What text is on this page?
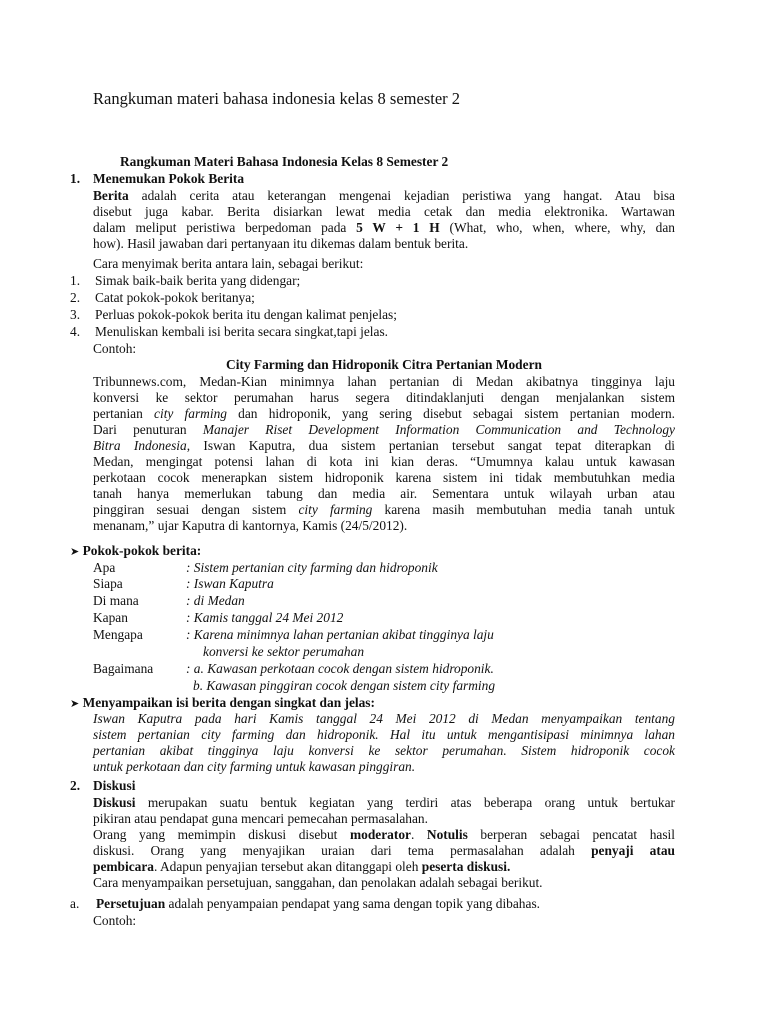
Rangkuman materi bahasa indonesia kelas 8 semester 2
Rangkuman Materi Bahasa Indonesia Kelas 8 Semester 2
1. Menemukan Pokok Berita
Berita adalah cerita atau keterangan mengenai kejadian peristiwa yang hangat. Atau bisa
disebut juga kabar. Berita disiarkan lewat media cetak dan media elektronika. Wartawan
dalam meliput peristiwa berpedoman pada 5 W + 1 H (What, who, when, where, why, dan
how). Hasil jawaban dari pertanyaan itu dikemas dalam bentuk berita.
Cara menyimak berita antara lain, sebagai berikut:
1. Simak baik-baik berita yang didengar;
2. Catat pokok-pokok beritanya;
3. Perluas pokok-pokok berita itu dengan kalimat penjelas;
4. Menuliskan kembali isi berita secara singkat,tapi jelas.
Contoh:
City Farming dan Hidroponik Citra Pertanian Modern
Tribunnews.com, Medan-Kian minimnya lahan pertanian di Medan akibatnya tingginya laju
konversi ke sektor perumahan harus segera ditindaklanjuti dengan menjalankan sistem
pertanian city farming dan hidroponik, yang sering disebut sebagai sistem pertanian modern.
Dari penuturan Manajer Riset Development Information Communication and Technology
Bitra Indonesia, Iswan Kaputra, dua sistem pertanian tersebut sangat tepat diterapkan di
Medan, mengingat potensi lahan di kota ini kian deras. “Umumnya kalau untuk kawasan
perkotaan cocok menerapkan sistem hidroponik karena sistem ini tidak membutuhkan media
tanah hanya memerlukan tabung dan media air. Sementara untuk wilayah urban atau
pinggiran sesuai dengan sistem city farming karena masih membutuhan media tanah untuk
menanam,” ujar Kaputra di kantornya, Kamis (24/5/2012).
➤ Pokok-pokok berita:
Apa	: Sistem pertanian city farming dan hidroponik
Siapa	: Iswan Kaputra
Di mana	: di Medan
Kapan	: Kamis tanggal 24 Mei 2012
Mengapa	: Karena minimnya lahan pertanian akibat tingginya laju
konversi ke sektor perumahan
Bagaimana : a. Kawasan perkotaan cocok dengan sistem hidroponik.
b. Kawasan pinggiran cocok dengan sistem city farming
➤ Menyampaikan isi berita dengan singkat dan jelas:
Iswan Kaputra pada hari Kamis tanggal 24 Mei 2012 di Medan menyampaikan tentang
sistem pertanian city farming dan hidroponik. Hal itu untuk mengantisipasi minimnya lahan
pertanian akibat tingginya laju konversi ke sektor perumahan. Sistem hidroponik cocok
untuk perkotaan dan city farming untuk kawasan pinggiran.
2. Diskusi
Diskusi merupakan suatu bentuk kegiatan yang terdiri atas beberapa orang untuk bertukar
pikiran atau pendapat guna mencari pemecahan permasalahan.
Orang yang memimpin diskusi disebut moderator. Notulis berperan sebagai pencatat hasil
diskusi. Orang yang menyajikan uraian dari tema permasalahan adalah penyaji atau
pembicara. Adapun penyajian tersebut akan ditanggapi oleh peserta diskusi.
Cara menyampaikan persetujuan, sanggahan, dan penolakan adalah sebagai berikut.
a. Persetujuan adalah penyampaian pendapat yang sama dengan topik yang dibahas.
Contoh:
